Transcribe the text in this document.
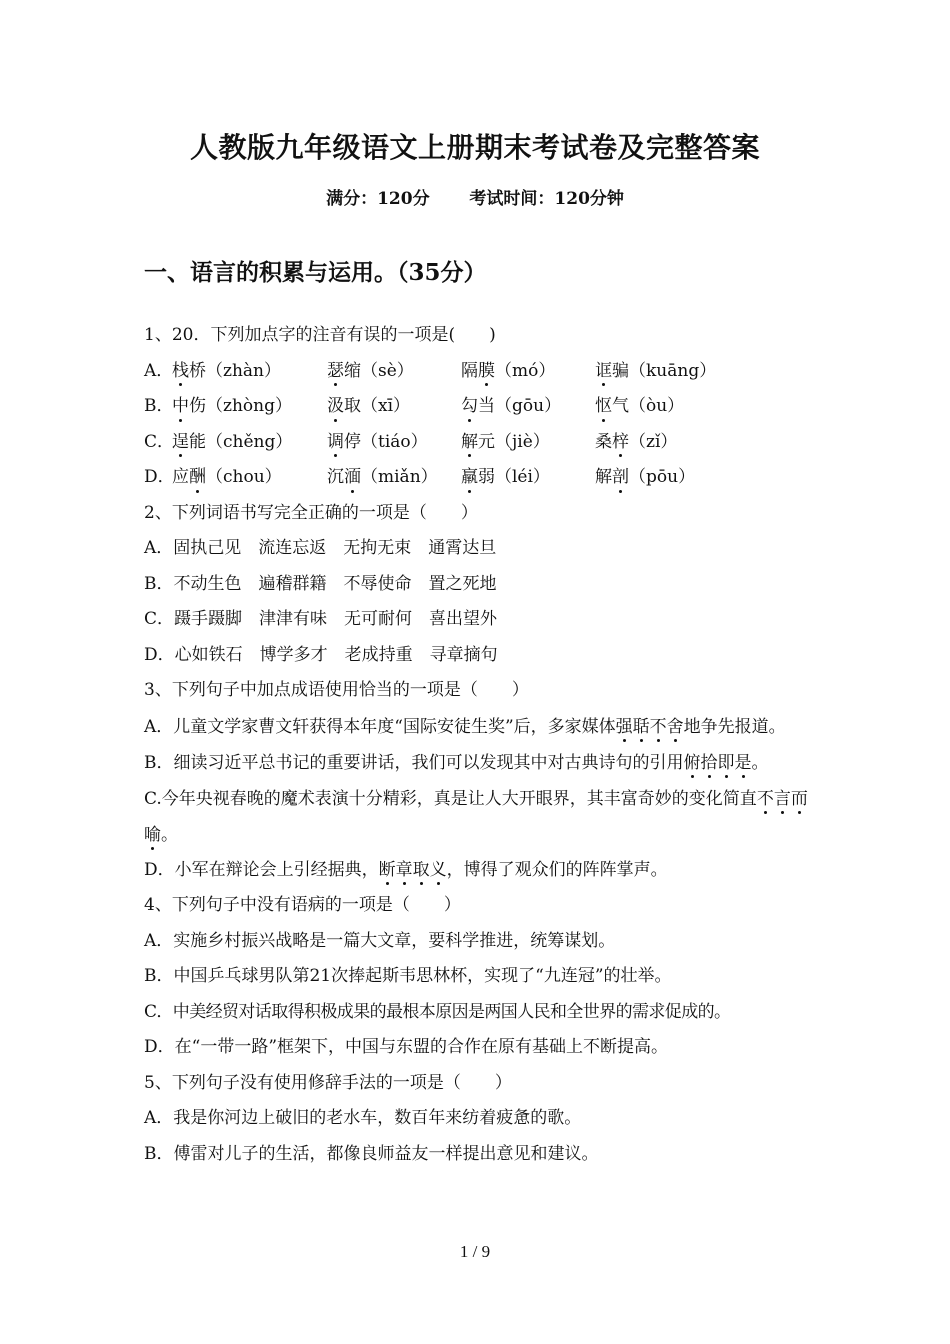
人教版九年级语文上册期末考试卷及完整答案
满分：120分 考试时间：120分钟
一、语言的积累与运用。（35分）
1、20．下列加点字的注音有误的一项是(　　)
A．栈桥（zhàn）	瑟缩（sè）	隔膜（mó） 诓骗（kuāng）
B．中伤（zhòng） 汲取（xī）	勾当（gōu） 怄气（òu）
C．逞能（chěng） 调停（tiáo） 解元（jiè）	桑梓（zǐ）
D．应酬（chou）	沉湎（miǎn） 羸弱（léi）	解剖（pōu）
2、下列词语书写完全正确的一项是（　　）
A．固执己见　流连忘返　无拘无束　通霄达旦
B．不动生色　遍稽群籍　不辱使命　置之死地
C．蹑手蹑脚　津津有味　无可耐何　喜出望外
D．心如铁石　博学多才　老成持重　寻章摘句
3、下列句子中加点成语使用恰当的一项是（　　）
A．儿童文学家曹文轩获得本年度“国际安徒生奖”后，多家媒体强聒不舍地争先报道。
B．细读习近平总书记的重要讲话，我们可以发现其中对古典诗句的引用俯拾即是。
C.今年央视春晚的魔术表演十分精彩，真是让人大开眼界，其丰富奇妙的变化简直不言而喻。
D．小军在辩论会上引经据典，断章取义，博得了观众们的阵阵掌声。
4、下列句子中没有语病的一项是（　　）
A．实施乡村振兴战略是一篇大文章，要科学推进，统筹谋划。
B．中国乒乓球男队第21次捧起斯韦思林杯，实现了“九连冠”的壮举。
C．中美经贸对话取得积极成果的最根本原因是两国人民和全世界的需求促成的。
D．在“一带一路”框架下，中国与东盟的合作在原有基础上不断提高。
5、下列句子没有使用修辞手法的一项是（　　）
A．我是你河边上破旧的老水车，数百年来纺着疲惫的歌。
B．傅雷对儿子的生活，都像良师益友一样提出意见和建议。
1 / 9
